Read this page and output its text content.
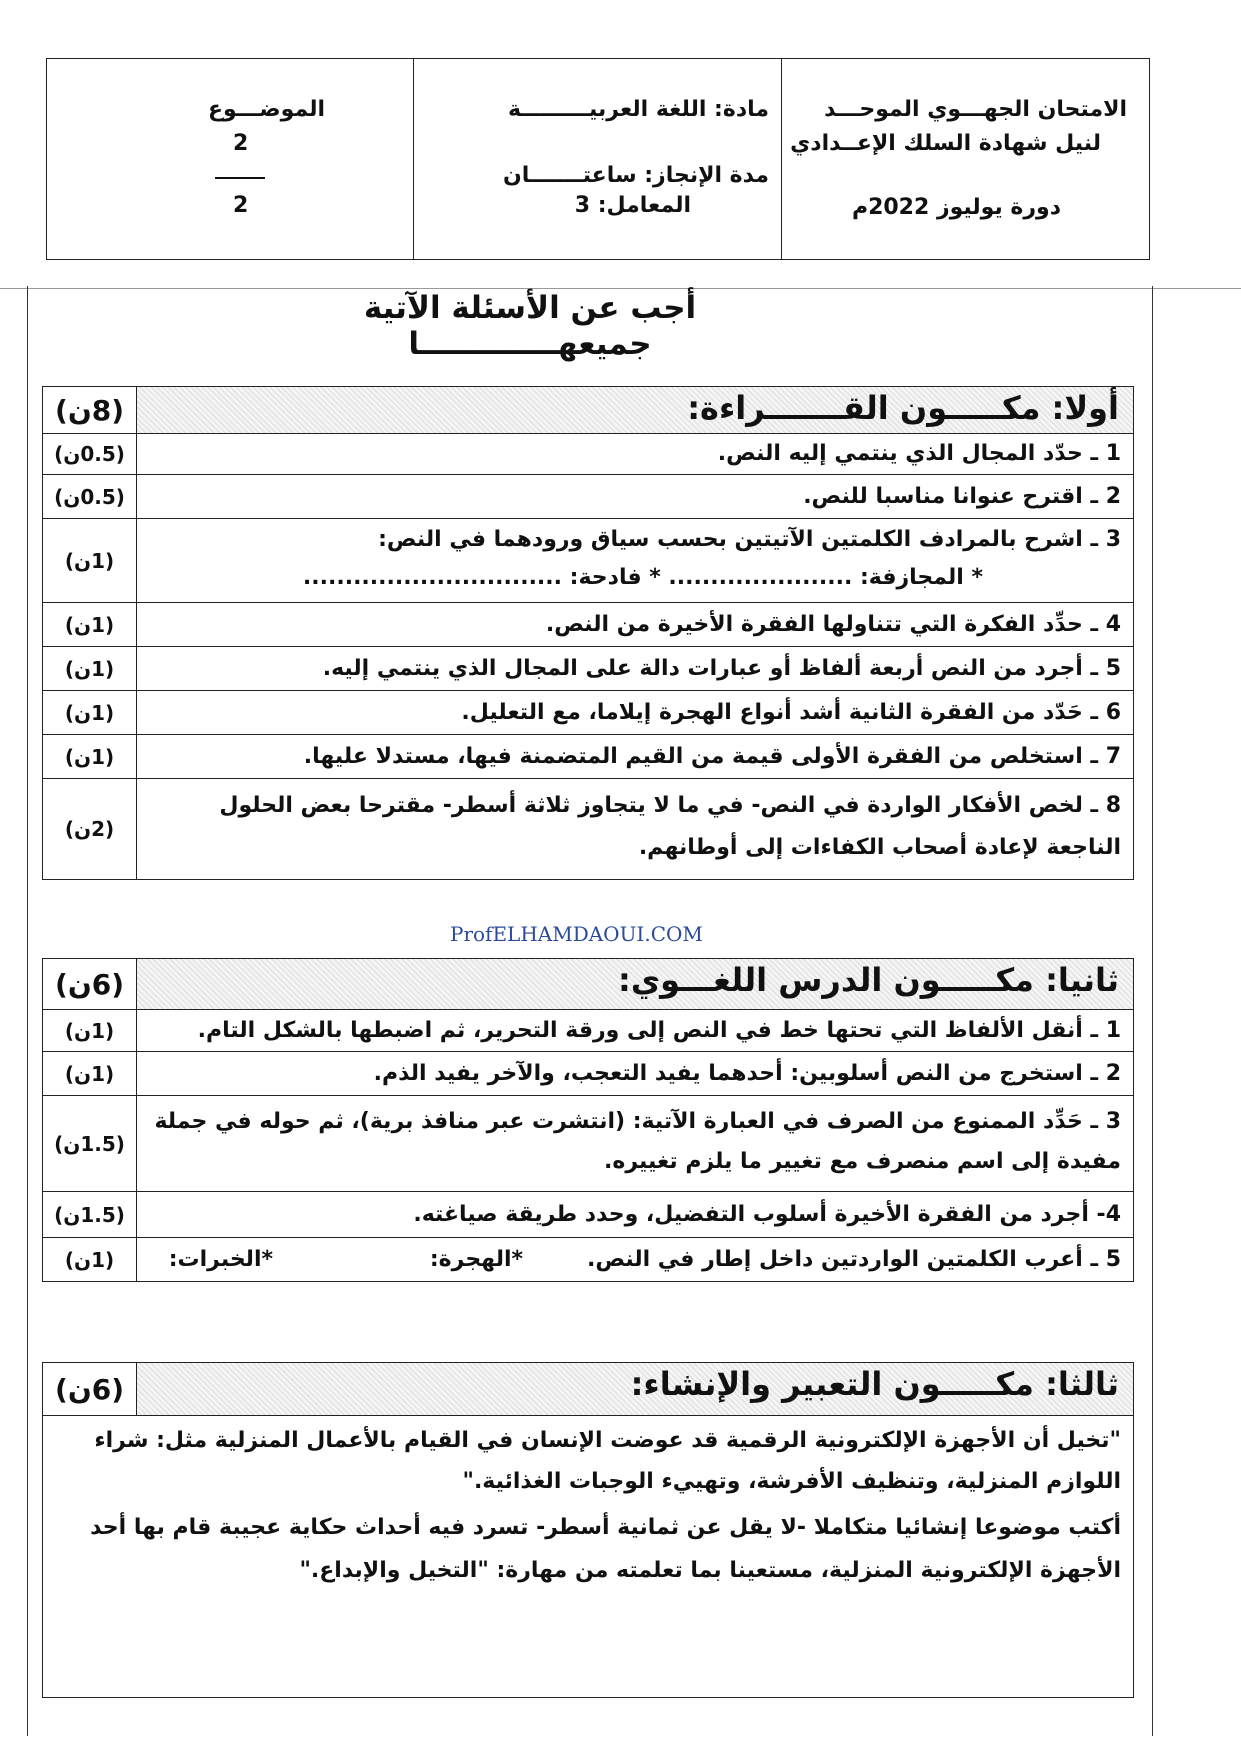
الامتحان الجهـــوي الموحـــد
لنيل شهادة السلك الإعــدادي
دورة يوليوز 2022م
مادة: اللغة العربيـــــــــة
مدة الإنجاز: ساعتـــــــان
المعامل: 3
الموضـــوع
2
2
أجب عن الأسئلة الآتية جميعهـــــــــــــا
أولا: مكـــــون القـــــــراءة:
(8ن)
1 ـ حدّد المجال الذي ينتمي إليه النص.
(0.5ن)
2 ـ اقترح عنوانا مناسبا للنص.
(0.5ن)
3 ـ اشرح بالمرادف الكلمتين الآتيتين بحسب سياق ورودهما في النص:
* المجازفة: ...................... * فادحة: ...............................
(1ن)
4 ـ حدِّد الفكرة التي تتناولها الفقرة الأخيرة من النص.
(1ن)
5 ـ أجرد من النص أربعة ألفاظ أو عبارات دالة على المجال الذي ينتمي إليه.
(1ن)
6 ـ حَدّد من الفقرة الثانية أشد أنواع الهجرة إيلاما، مع التعليل.
(1ن)
7 ـ استخلص من الفقرة الأولى قيمة من القيم المتضمنة فيها، مستدلا عليها.
(1ن)
8 ـ لخص الأفكار الواردة في النص- في ما لا يتجاوز ثلاثة أسطر- مقترحا بعض الحلول الناجعة لإعادة أصحاب الكفاءات إلى أوطانهم.
(2ن)
ProfELHAMDAOUI.COM
ثانيا: مكـــــون الدرس اللغـــوي:
(6ن)
1 ـ أنقل الألفاظ التي تحتها خط في النص إلى ورقة التحرير، ثم اضبطها بالشكل التام.
(1ن)
2 ـ استخرج من النص أسلوبين: أحدهما يفيد التعجب، والآخر يفيد الذم.
(1ن)
3 ـ حَدِّد الممنوع من الصرف في العبارة الآتية: (انتشرت عبر منافذ برية)، ثم حوله في جملة مفيدة إلى اسم منصرف مع تغيير ما يلزم تغييره.
(1.5ن)
4- أجرد من الفقرة الأخيرة أسلوب التفضيل، وحدد طريقة صياغته.
(1.5ن)
5 ـ أعرب الكلمتين الواردتين داخل إطار في النص.
*الهجرة:
*الخبرات:
(1ن)
ثالثا: مكـــــون التعبير والإنشاء:
(6ن)
"تخيل أن الأجهزة الإلكترونية الرقمية قد عوضت الإنسان في القيام بالأعمال المنزلية مثل: شراء اللوازم المنزلية، وتنظيف الأفرشة، وتهييء الوجبات الغذائية."
أكتب موضوعا إنشائيا متكاملا -لا يقل عن ثمانية أسطر- تسرد فيه أحداث حكاية عجيبة قام بها أحد الأجهزة الإلكترونية المنزلية، مستعينا بما تعلمته من مهارة: "التخيل والإبداع."
